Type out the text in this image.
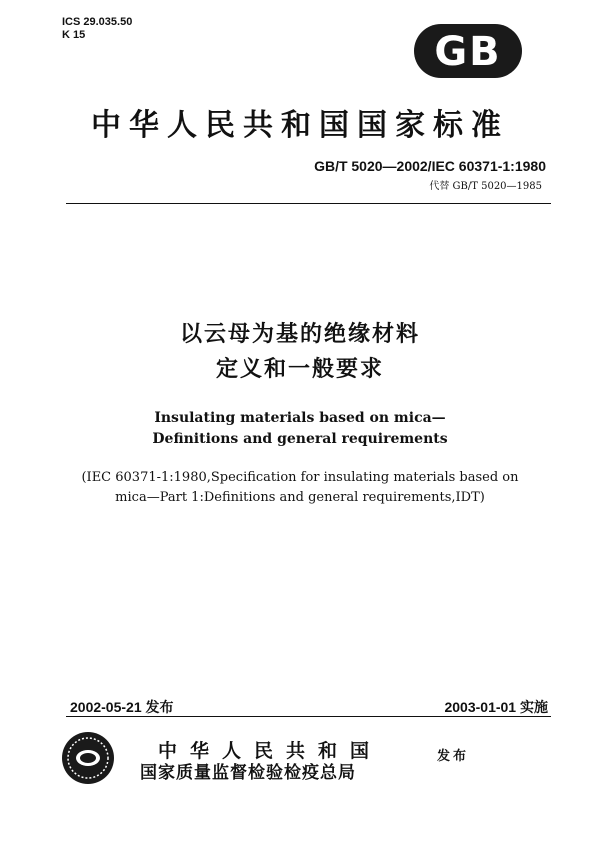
ICS 29.035.50
K 15	GB
中华人民共和国国家标准
GB/T 5020—2002/IEC 60371-1:1980
代替 GB/T 5020—1985
以云母为基的绝缘材料
定义和一般要求
Insulating materials based on mica—
Definitions and general requirements
(IEC 60371-1:1980,Specification for insulating materials based on
mica—Part 1:Definitions and general requirements,IDT)
2002-05-21 发布	2003-01-01 实施
中华人民共和国
国家质量监督检验检疫总局
发布
